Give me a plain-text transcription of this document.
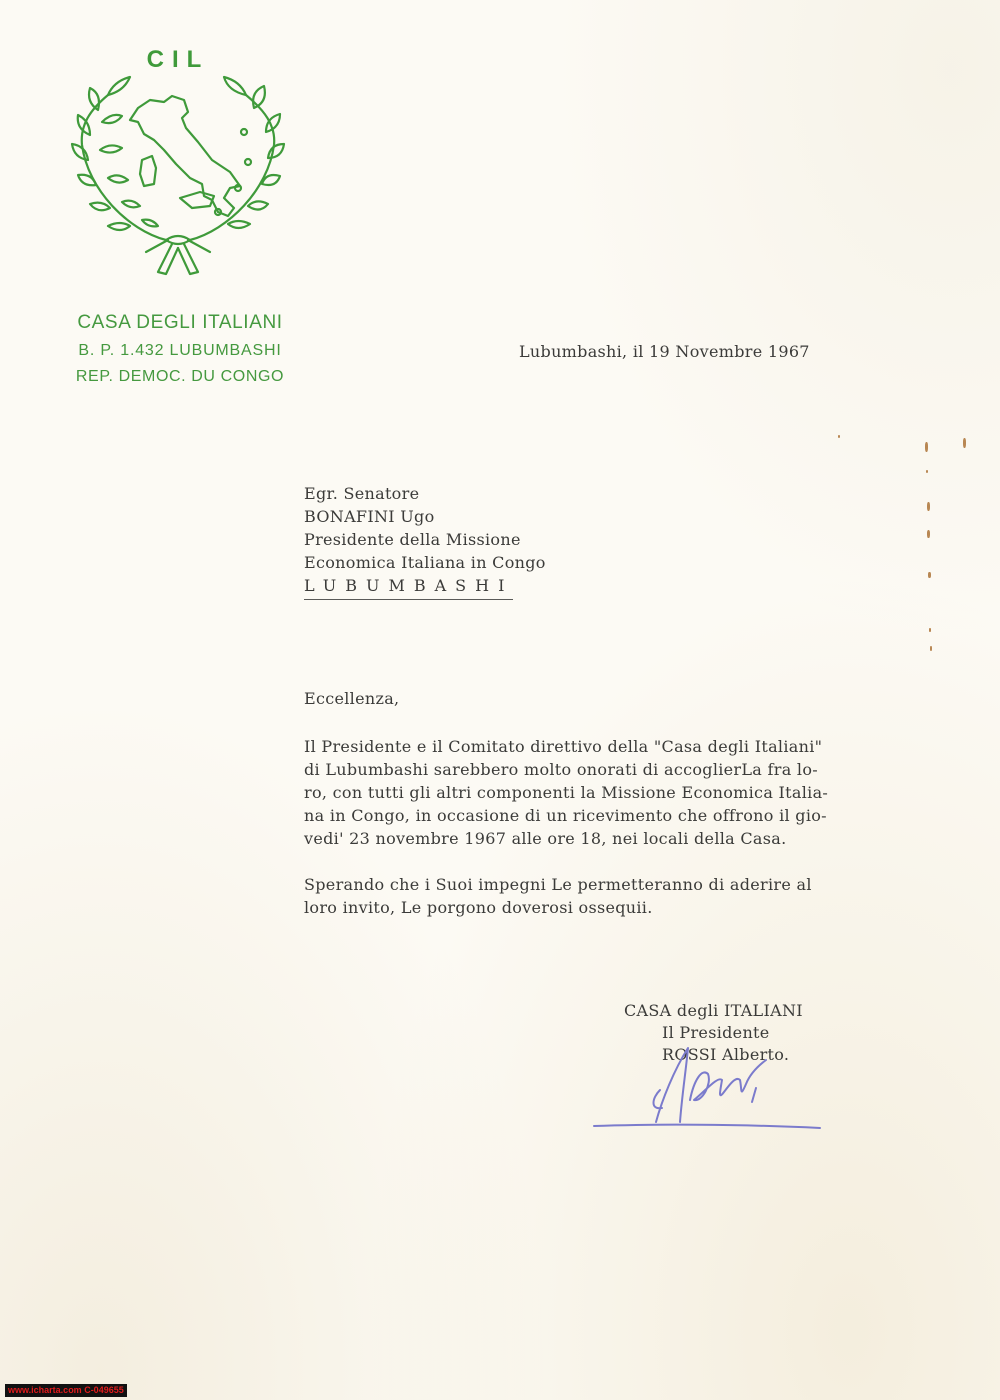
CIL
CASA DEGLI ITALIANI
B. P. 1.432 LUBUMBASHI
REP. DEMOC. DU CONGO
Lubumbashi, il 19 Novembre 1967
Egr. Senatore
BONAFINI Ugo
Presidente della Missione
Economica Italiana in Congo
LUBUMBASHI
Eccellenza,
Il Presidente e il Comitato direttivo della "Casa degli Italiani"
di Lubumbashi sarebbero molto onorati di accoglierLa fra lo-
ro, con tutti gli altri componenti la Missione Economica Italia-
na in Congo, in occasione di un ricevimento che offrono il gio-
vedi' 23 novembre 1967 alle ore 18, nei locali della Casa.
Sperando che i Suoi impegni Le permetteranno di aderire al
loro invito, Le porgono doverosi ossequii.
CASA degli ITALIANI
Il Presidente
ROSSI Alberto.
www.icharta.com C-049655
